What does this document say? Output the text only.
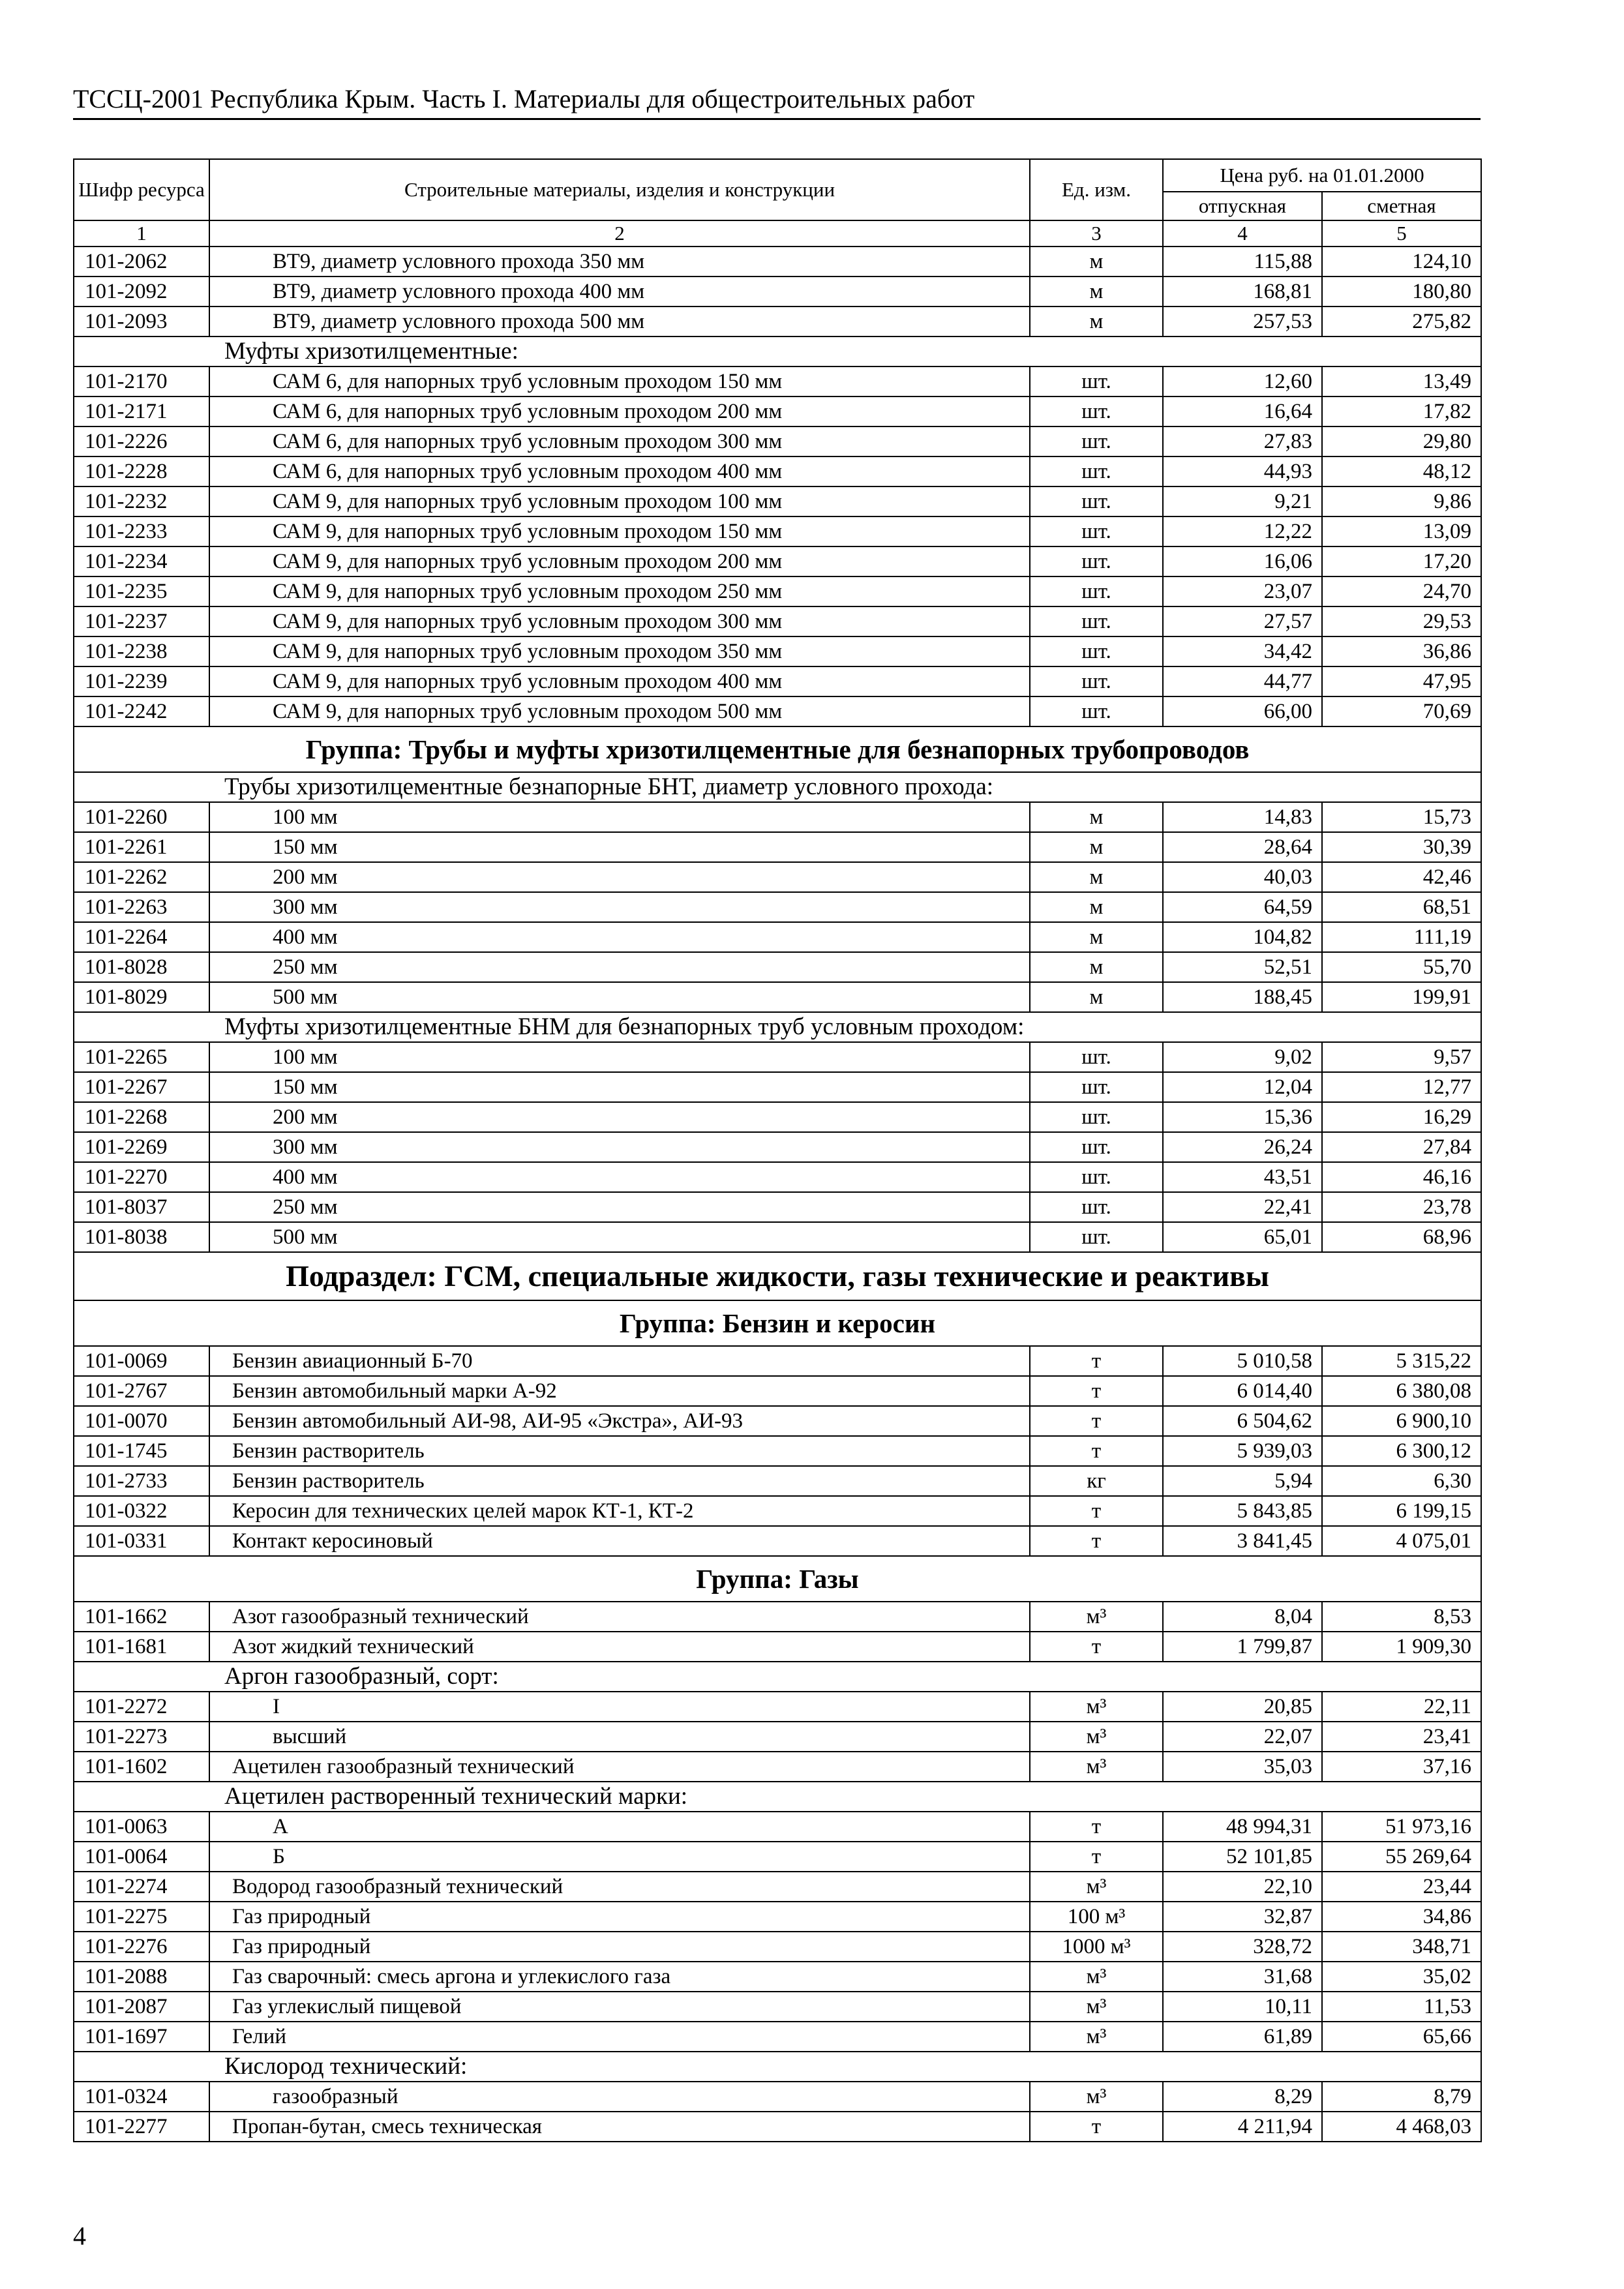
ТССЦ-2001 Республика Крым. Часть I. Материалы для общестроительных работ
Шифр ресурса	Строительные материалы, изделия и конструкции	Ед. изм.	Цена руб. на 01.01.2000	
			отпускная	сметная
1	2	3	4	5
101-2062	ВТ9, диаметр условного прохода 350 мм	м	115,88	124,10
101-2092	ВТ9, диаметр условного прохода 400 мм	м	168,81	180,80
101-2093	ВТ9, диаметр условного прохода 500 мм	м	257,53	275,82
Муфты хризотилцементные:				
101-2170	САМ 6, для напорных труб условным проходом 150 мм	шт.	12,60	13,49
101-2171	САМ 6, для напорных труб условным проходом 200 мм	шт.	16,64	17,82
101-2226	САМ 6, для напорных труб условным проходом 300 мм	шт.	27,83	29,80
101-2228	САМ 6, для напорных труб условным проходом 400 мм	шт.	44,93	48,12
101-2232	САМ 9, для напорных труб условным проходом 100 мм	шт.	9,21	9,86
101-2233	САМ 9, для напорных труб условным проходом 150 мм	шт.	12,22	13,09
101-2234	САМ 9, для напорных труб условным проходом 200 мм	шт.	16,06	17,20
101-2235	САМ 9, для напорных труб условным проходом 250 мм	шт.	23,07	24,70
101-2237	САМ 9, для напорных труб условным проходом 300 мм	шт.	27,57	29,53
101-2238	САМ 9, для напорных труб условным проходом 350 мм	шт.	34,42	36,86
101-2239	САМ 9, для напорных труб условным проходом 400 мм	шт.	44,77	47,95
101-2242	САМ 9, для напорных труб условным проходом 500 мм	шт.	66,00	70,69
Группа: Трубы и муфты хризотилцементные для безнапорных трубопроводов				
Трубы хризотилцементные безнапорные БНТ, диаметр условного прохода:				
101-2260	100 мм	м	14,83	15,73
101-2261	150 мм	м	28,64	30,39
101-2262	200 мм	м	40,03	42,46
101-2263	300 мм	м	64,59	68,51
101-2264	400 мм	м	104,82	111,19
101-8028	250 мм	м	52,51	55,70
101-8029	500 мм	м	188,45	199,91
Муфты хризотилцементные БНМ для безнапорных труб условным проходом:				
101-2265	100 мм	шт.	9,02	9,57
101-2267	150 мм	шт.	12,04	12,77
101-2268	200 мм	шт.	15,36	16,29
101-2269	300 мм	шт.	26,24	27,84
101-2270	400 мм	шт.	43,51	46,16
101-8037	250 мм	шт.	22,41	23,78
101-8038	500 мм	шт.	65,01	68,96
Подраздел: ГСМ, специальные жидкости, газы технические и реактивы				
Группа: Бензин и керосин				
101-0069	Бензин авиационный Б-70	т	5 010,58	5 315,22
101-2767	Бензин автомобильный марки А-92	т	6 014,40	6 380,08
101-0070	Бензин автомобильный АИ-98, АИ-95 «Экстра», АИ-93	т	6 504,62	6 900,10
101-1745	Бензин растворитель	т	5 939,03	6 300,12
101-2733	Бензин растворитель	кг	5,94	6,30
101-0322	Керосин для технических целей марок КТ-1, КТ-2	т	5 843,85	6 199,15
101-0331	Контакт керосиновый	т	3 841,45	4 075,01
Группа: Газы				
101-1662	Азот газообразный технический	м³	8,04	8,53
101-1681	Азот жидкий технический	т	1 799,87	1 909,30
Аргон газообразный, сорт:				
101-2272	I	м³	20,85	22,11
101-2273	высший	м³	22,07	23,41
101-1602	Ацетилен газообразный технический	м³	35,03	37,16
Ацетилен растворенный технический марки:				
101-0063	А	т	48 994,31	51 973,16
101-0064	Б	т	52 101,85	55 269,64
101-2274	Водород газообразный технический	м³	22,10	23,44
101-2275	Газ природный	100 м³	32,87	34,86
101-2276	Газ природный	1000 м³	328,72	348,71
101-2088	Газ сварочный: смесь аргона и углекислого газа	м³	31,68	35,02
101-2087	Газ углекислый пищевой	м³	10,11	11,53
101-1697	Гелий	м³	61,89	65,66
Кислород технический:				
101-0324	газообразный	м³	8,29	8,79
101-2277	Пропан-бутан, смесь техническая	т	4 211,94	4 468,03
4
